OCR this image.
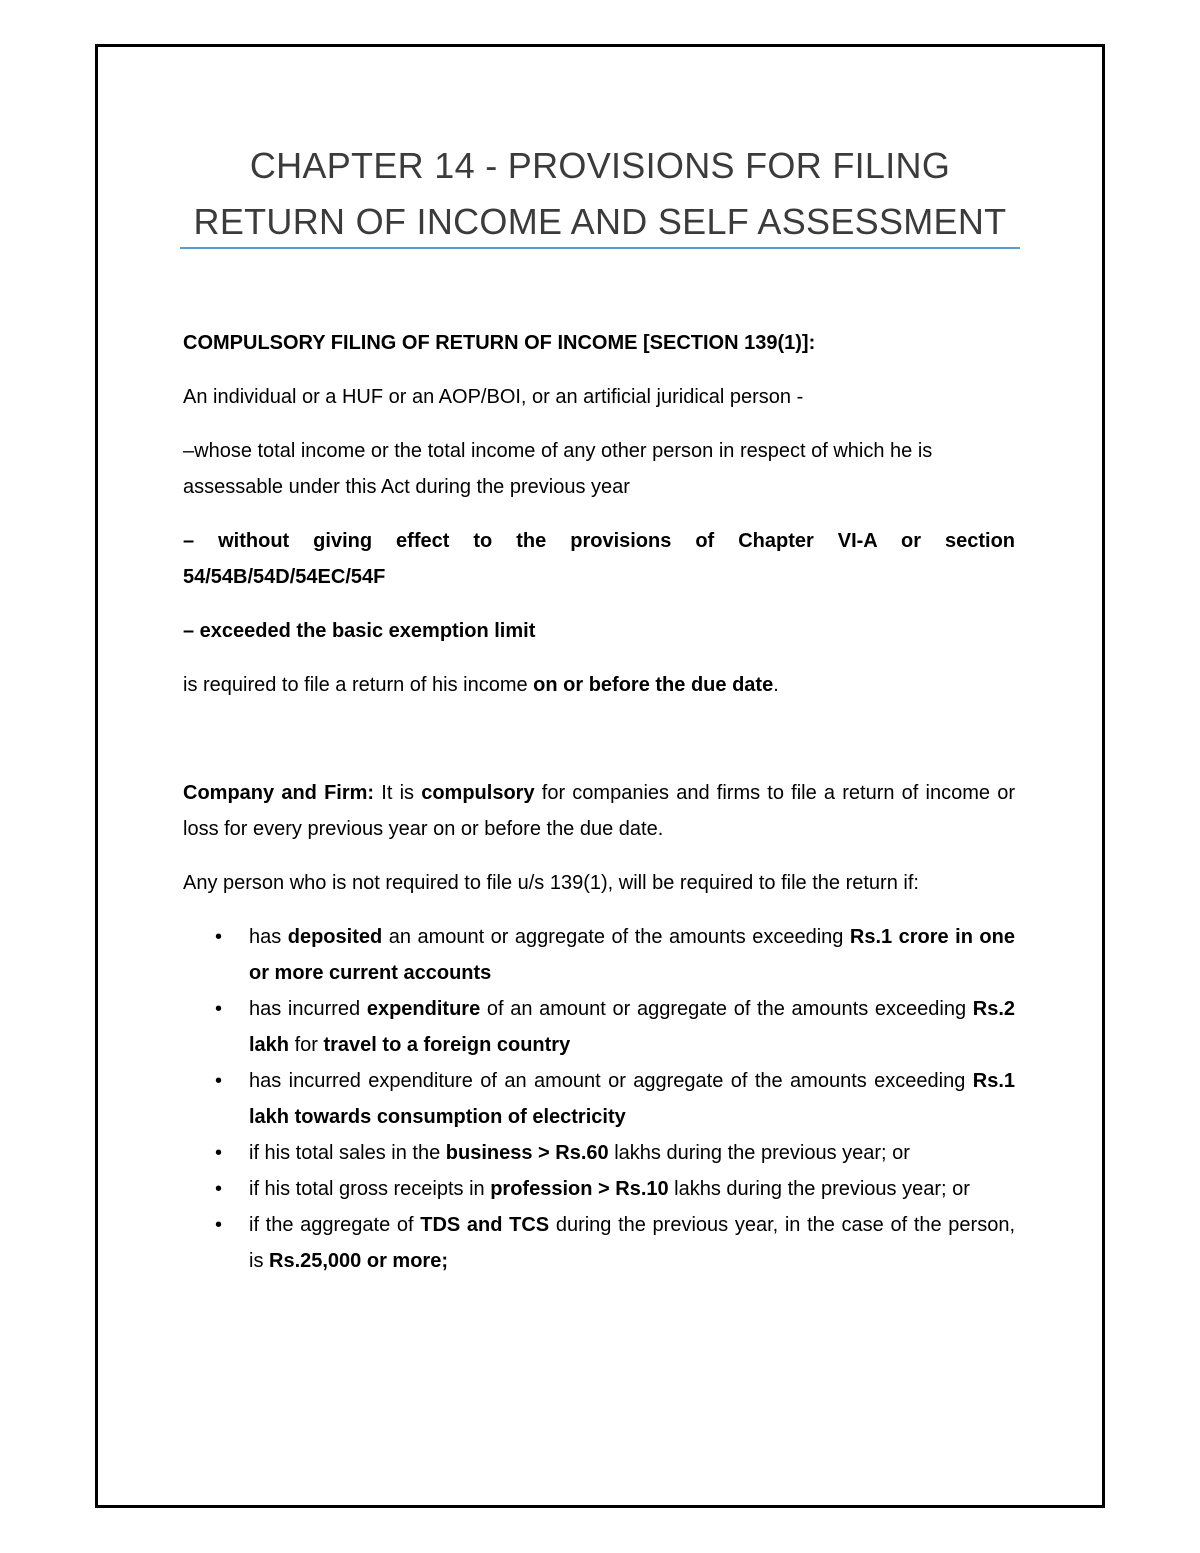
CHAPTER 14 - PROVISIONS FOR FILING
RETURN OF INCOME AND SELF ASSESSMENT

COMPULSORY FILING OF RETURN OF INCOME [SECTION 139(1)]:

An individual or a HUF or an AOP/BOI, or an artificial juridical person -

–whose total income or the total income of any other person in respect of which he is assessable under this Act during the previous year

– without giving effect to the provisions of Chapter VI-A or section 54/54B/54D/54EC/54F

– exceeded the basic exemption limit

is required to file a return of his income on or before the due date.

Company and Firm: It is compulsory for companies and firms to file a return of income or loss for every previous year on or before the due date.

Any person who is not required to file u/s 139(1), will be required to file the return if:

• has deposited an amount or aggregate of the amounts exceeding Rs.1 crore in one or more current accounts
• has incurred expenditure of an amount or aggregate of the amounts exceeding Rs.2 lakh for travel to a foreign country
• has incurred expenditure of an amount or aggregate of the amounts exceeding Rs.1 lakh towards consumption of electricity
• if his total sales in the business > Rs.60 lakhs during the previous year; or
• if his total gross receipts in profession > Rs.10 lakhs during the previous year; or
• if the aggregate of TDS and TCS during the previous year, in the case of the person, is Rs.25,000 or more;
